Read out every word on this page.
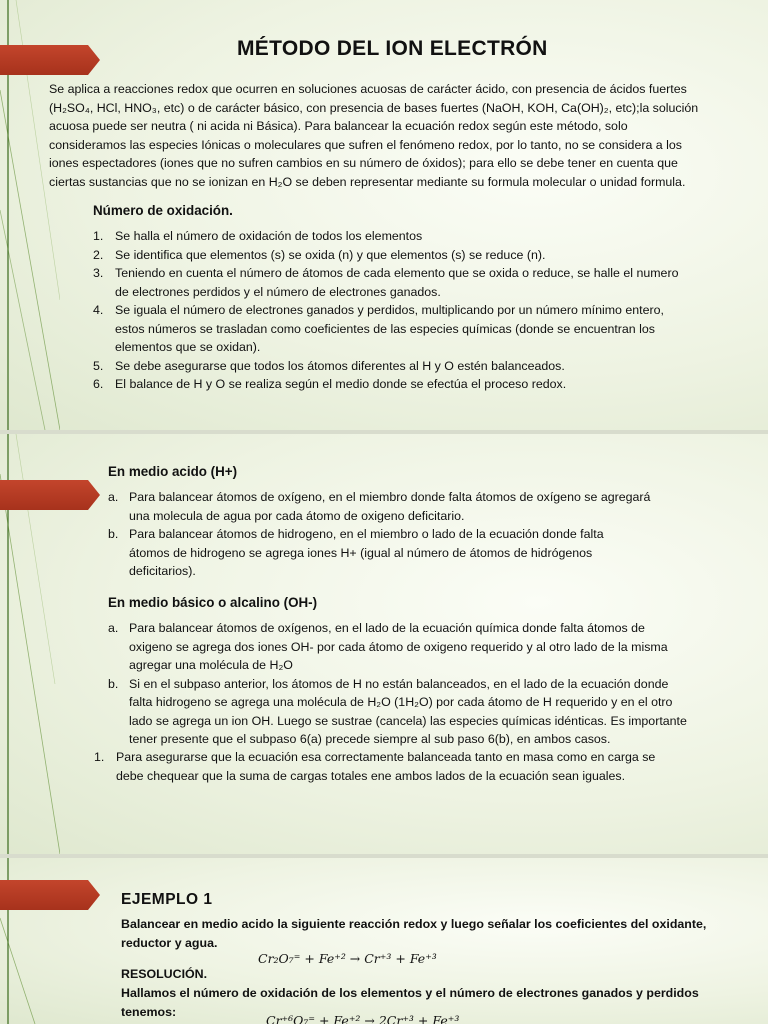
MÉTODO DEL ION ELECTRÓN
Se aplica a reacciones redox que ocurren en soluciones acuosas de carácter ácido, con presencia de ácidos fuertes
(H₂SO₄, HCl, HNO₃, etc) o de carácter básico, con presencia de bases fuertes (NaOH, KOH, Ca(OH)₂, etc);la solución
acuosa puede ser neutra ( ni acida ni Básica). Para balancear la ecuación redox según este método, solo
consideramos las especies Iónicas o moleculares que sufren el fenómeno redox, por lo tanto, no se considera a los
iones espectadores (iones que no sufren cambios en su número de óxidos); para ello se debe tener en cuenta que
ciertas sustancias que no se ionizan en H₂O se deben representar mediante su formula molecular o unidad formula.
Número de oxidación.
1. Se halla el número de oxidación de todos los elementos
2. Se identifica que elementos (s) se oxida (n) y que elementos (s) se reduce (n).
3. Teniendo en cuenta el número de átomos de cada elemento que se oxida o reduce, se halle el numero
de electrones perdidos y el número de electrones ganados.
4. Se iguala el número de electrones ganados y perdidos, multiplicando por un número mínimo entero,
estos números se trasladan como coeficientes de las especies químicas (donde se encuentran los
elementos que se oxidan).
5. Se debe asegurarse que todos los átomos diferentes al H y O estén balanceados.
6. El balance de H y O se realiza según el medio donde se efectúa el proceso redox.
En medio acido (H+)
a. Para balancear átomos de oxígeno, en el miembro donde falta átomos de oxígeno se agregará
una molecula de agua por cada átomo de oxigeno deficitario.
b. Para balancear átomos de hidrogeno, en el miembro o lado de la ecuación donde falta
átomos de hidrogeno se agrega iones H+ (igual al número de átomos de hidrógenos
deficitarios).
En medio básico o alcalino (OH-)
a. Para balancear átomos de oxígenos, en el lado de la ecuación química donde falta átomos de
oxigeno se agrega dos iones OH- por cada átomo de oxigeno requerido y al otro lado de la misma
agregar una molécula de H₂O
b. Si en el subpaso anterior, los átomos de H no están balanceados, en el lado de la ecuación donde
falta hidrogeno se agrega una molécula de H₂O (1H₂O) por cada átomo de H requerido y en el otro
lado se agrega un ion OH. Luego se sustrae (cancela) las especies químicas idénticas. Es importante
tener presente que el subpaso 6(a) precede siempre al sub paso 6(b), en ambos casos.
1. Para asegurarse que la ecuación esa correctamente balanceada tanto en masa como en carga se
debe chequear que la suma de cargas totales ene ambos lados de la ecuación sean iguales.
EJEMPLO 1
Balancear en medio acido la siguiente reacción redox y luego señalar los coeficientes del oxidante,
reductor y agua.
Cr₂O₇⁼ + Fe⁺² → Cr⁺³ + Fe⁺³
RESOLUCIÓN.
Hallamos el número de oxidación de los elementos y el número de electrones ganados y perdidos
tenemos:
Cr⁺⁶O₇⁼ + Fe⁺² → 2Cr⁺³ + Fe⁺³
